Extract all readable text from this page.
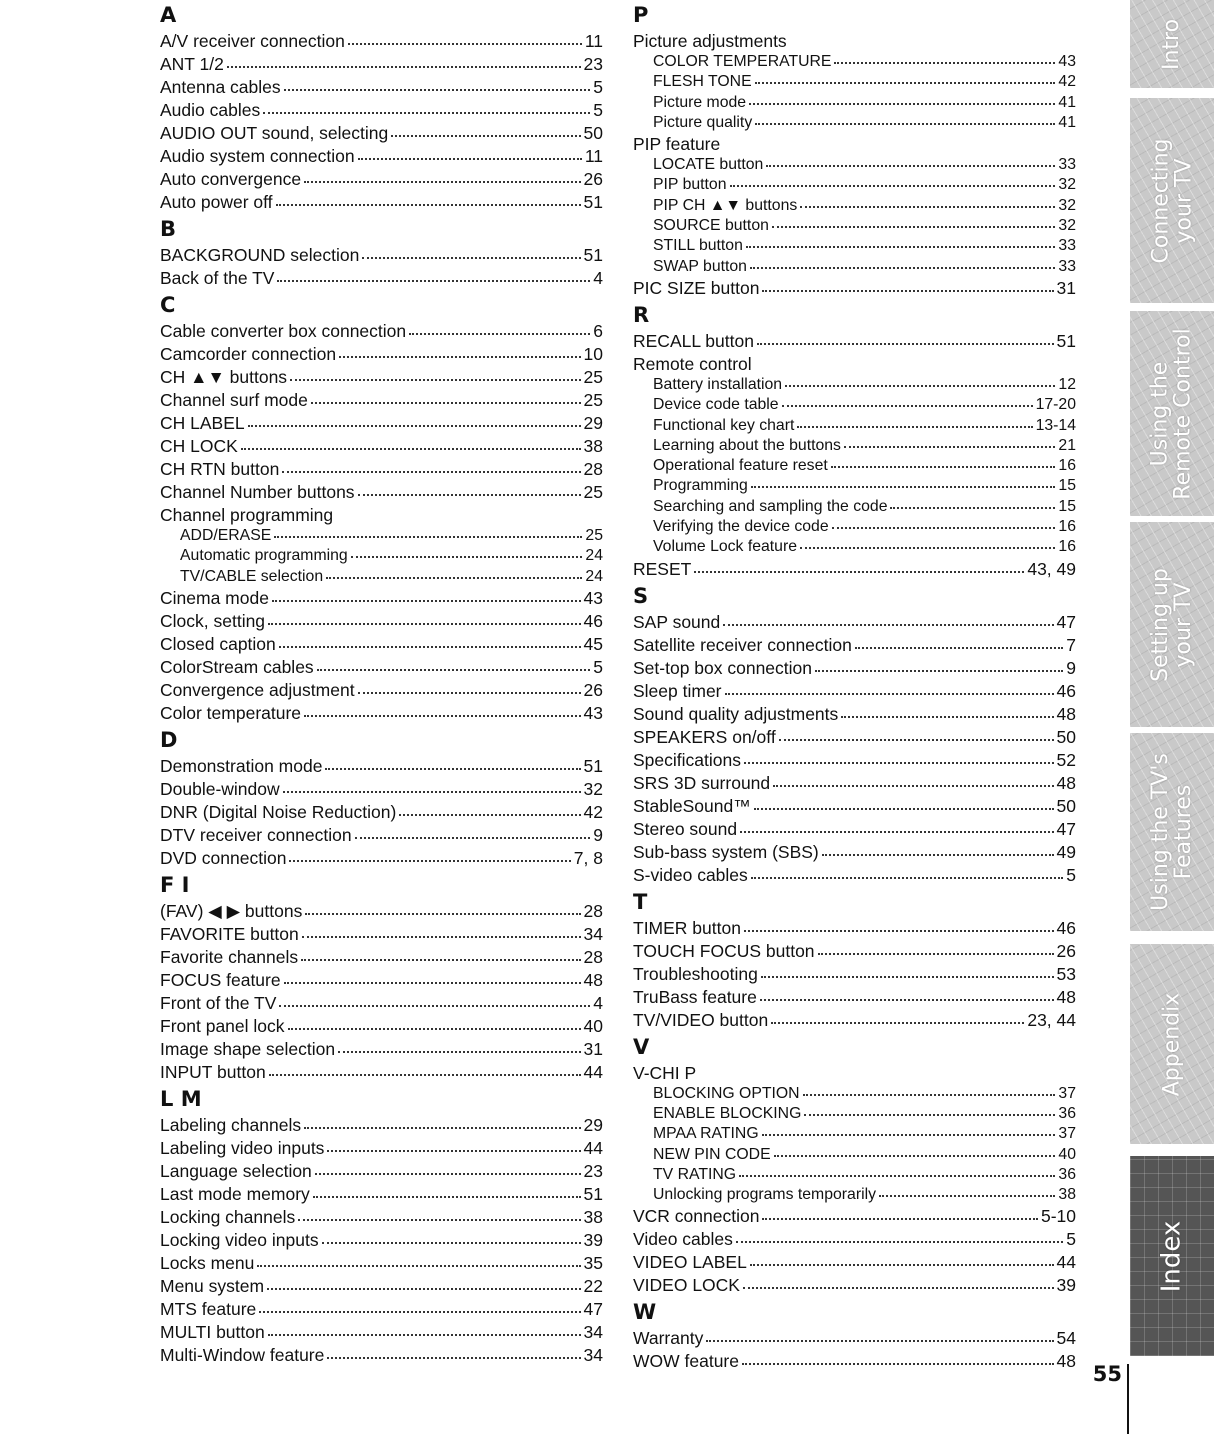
A
A/V receiver connection	11
ANT 1/2	23
Antenna cables	5
Audio cables	5
AUDIO OUT sound, selecting	50
Audio system connection	11
Auto convergence	26
Auto power off	51
B
BACKGROUND selection	51
Back of the TV	4
C
Cable converter box connection	6
Camcorder connection	10
CH ▲▼ buttons	25
Channel surf mode	25
CH LABEL	29
CH LOCK	38
CH RTN button	28
Channel Number buttons	25
Channel programming
ADD/ERASE	25
Automatic programming	24
TV/CABLE selection	24
Cinema mode	43
Clock, setting	46
Closed caption	45
ColorStream cables	5
Convergence adjustment	26
Color temperature	43
D
Demonstration mode	51
Double-window	32
DNR (Digital Noise Reduction)	42
DTV receiver connection	9
DVD connection	7, 8
F I
(FAV) ◀ ▶ buttons	28
FAVORITE button	34
Favorite channels	28
FOCUS feature	48
Front of the TV	4
Front panel lock	40
Image shape selection	31
INPUT button	44
L M
Labeling channels	29
Labeling video inputs	44
Language selection	23
Last mode memory	51
Locking channels	38
Locking video inputs	39
Locks menu	35
Menu system	22
MTS feature	47
MULTI button	34
Multi-Window feature	34
P
Picture adjustments
COLOR TEMPERATURE	43
FLESH TONE	42
Picture mode	41
Picture quality	41
PIP feature
LOCATE button	33
PIP button	32
PIP CH ▲▼ buttons	32
SOURCE button	32
STILL button	33
SWAP button	33
PIC SIZE button	31
R
RECALL button	51
Remote control
Battery installation	12
Device code table	17-20
Functional key chart	13-14
Learning about the buttons	21
Operational feature reset	16
Programming	15
Searching and sampling the code	15
Verifying the device code	16
Volume Lock feature	16
RESET	43, 49
S
SAP sound	47
Satellite receiver connection	7
Set-top box connection	9
Sleep timer	46
Sound quality adjustments	48
SPEAKERS on/off	50
Specifications	52
SRS 3D surround	48
StableSound™	50
Stereo sound	47
Sub-bass system (SBS)	49
S-video cables	5
T
TIMER button	46
TOUCH FOCUS button	26
Troubleshooting	53
TruBass feature	48
TV/VIDEO button	23, 44
V
V-CHI P
BLOCKING OPTION	37
ENABLE BLOCKING	36
MPAA RATING	37
NEW PIN CODE	40
TV RATING	36
Unlocking programs temporarily	38
VCR connection	5-10
Video cables	5
VIDEO LABEL	44
VIDEO LOCK	39
W
Warranty	54
WOW feature	48
Intro
Connecting
your TV
Using the
Remote Control
Setting up
your TV
Using the TV's
Features
Appendix
Index
55
